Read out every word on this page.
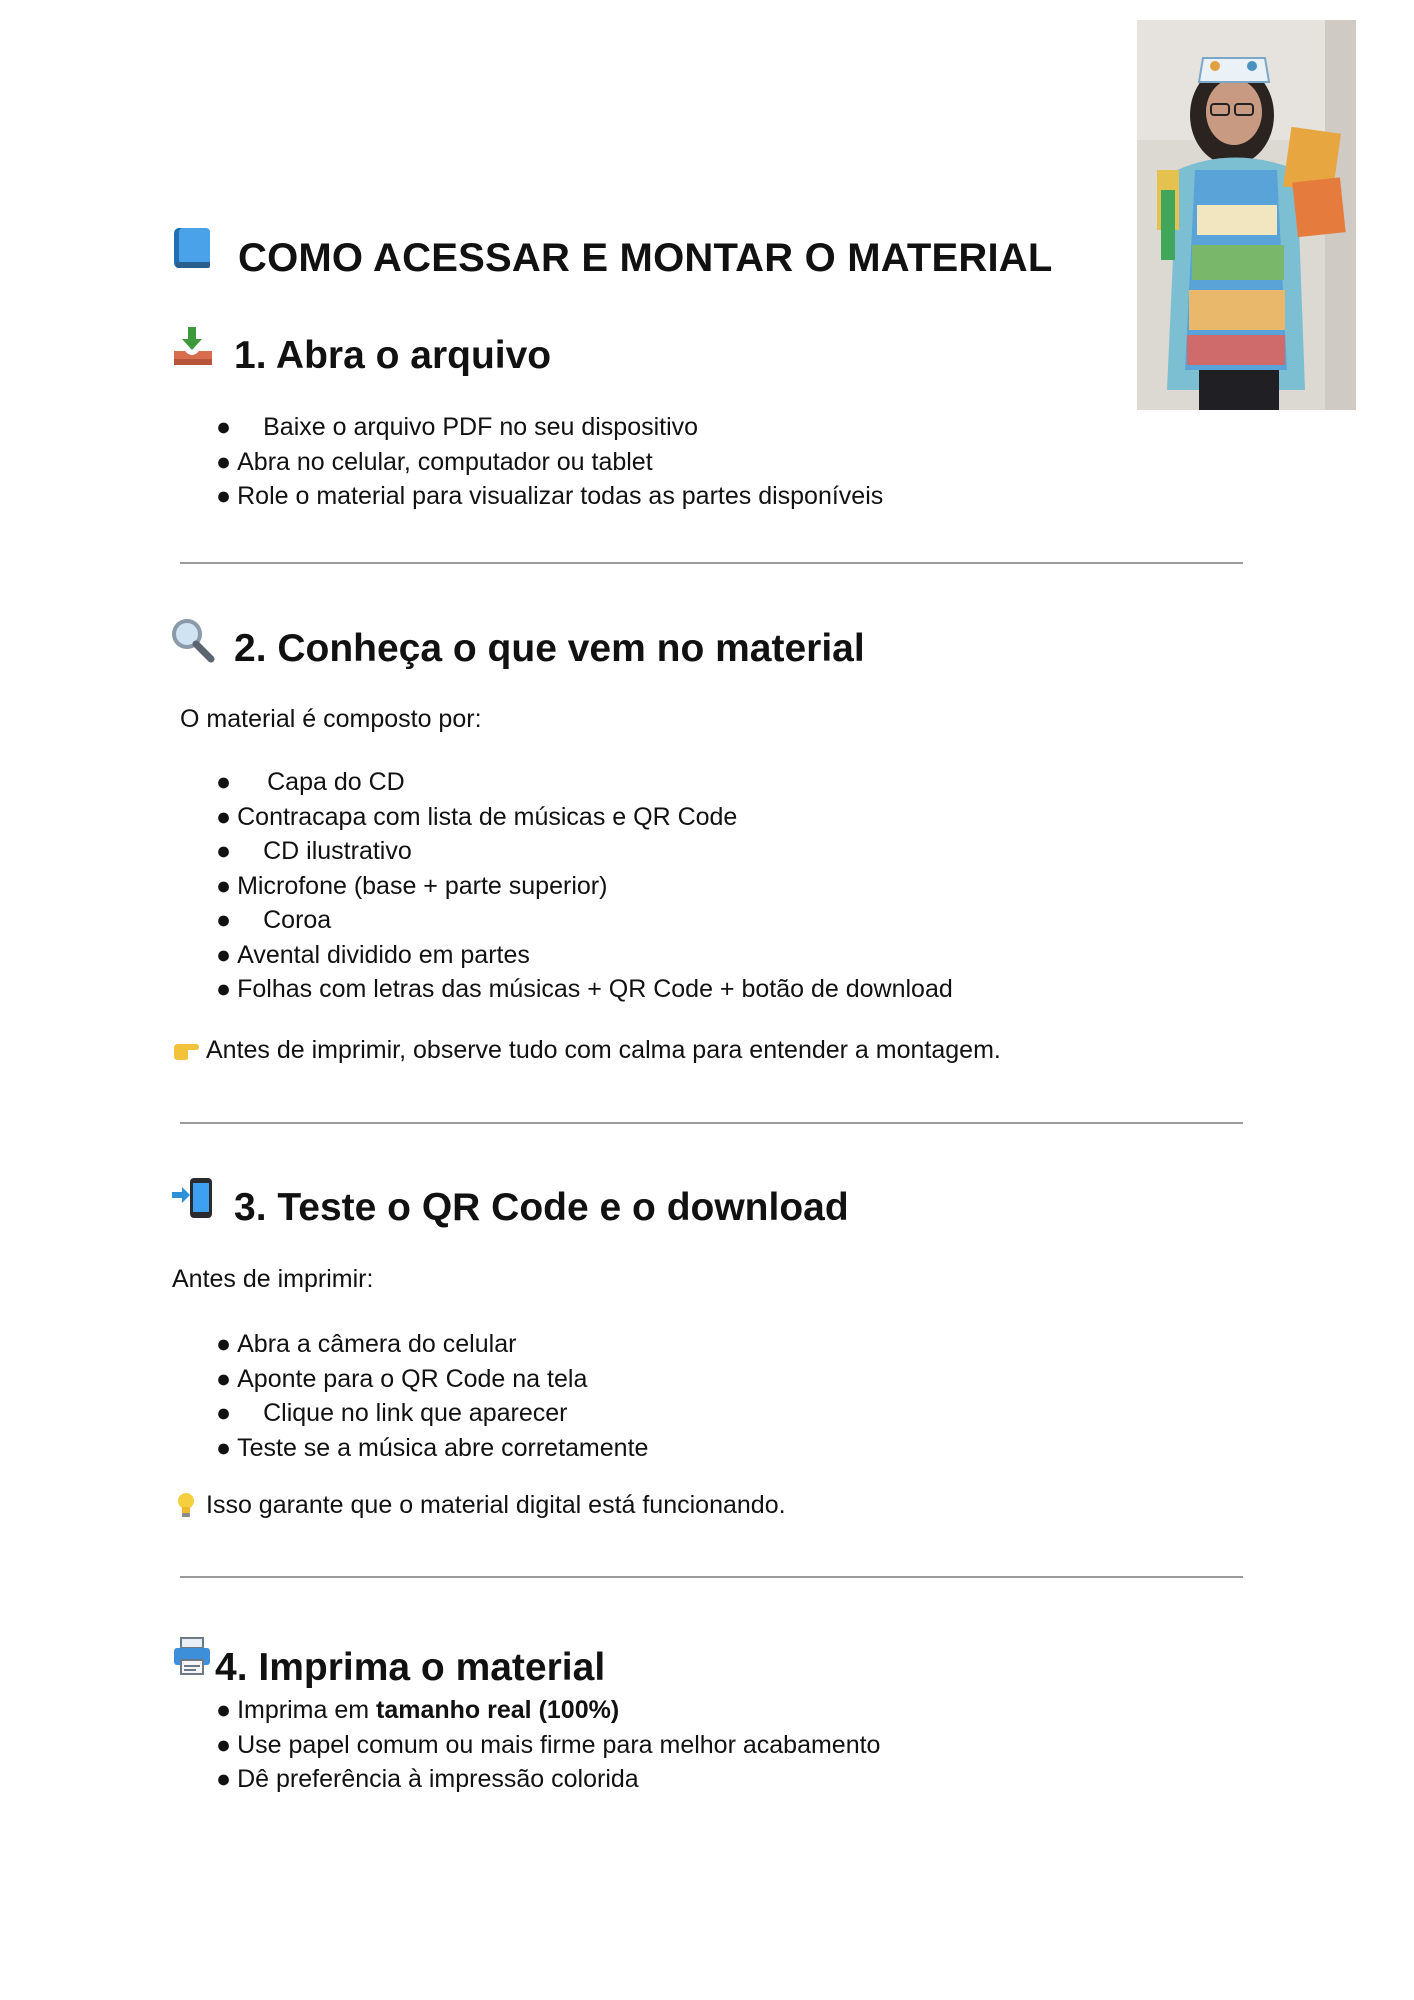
COMO ACESSAR E MONTAR O MATERIAL
1. Abra o arquivo
● Baixe o arquivo PDF no seu dispositivo
● Abra no celular, computador ou tablet
● Role o material para visualizar todas as partes disponíveis
2. Conheça o que vem no material
O material é composto por:
● Capa do CD
● Contracapa com lista de músicas e QR Code
● CD ilustrativo
● Microfone (base + parte superior)
● Coroa
● Avental dividido em partes
● Folhas com letras das músicas + QR Code + botão de download
Antes de imprimir, observe tudo com calma para entender a montagem.
3. Teste o QR Code e o download
Antes de imprimir:
● Abra a câmera do celular
● Aponte para o QR Code na tela
● Clique no link que aparecer
● Teste se a música abre corretamente
Isso garante que o material digital está funcionando.
4. Imprima o material
● Imprima em tamanho real (100%)
● Use papel comum ou mais firme para melhor acabamento
● Dê preferência à impressão colorida
